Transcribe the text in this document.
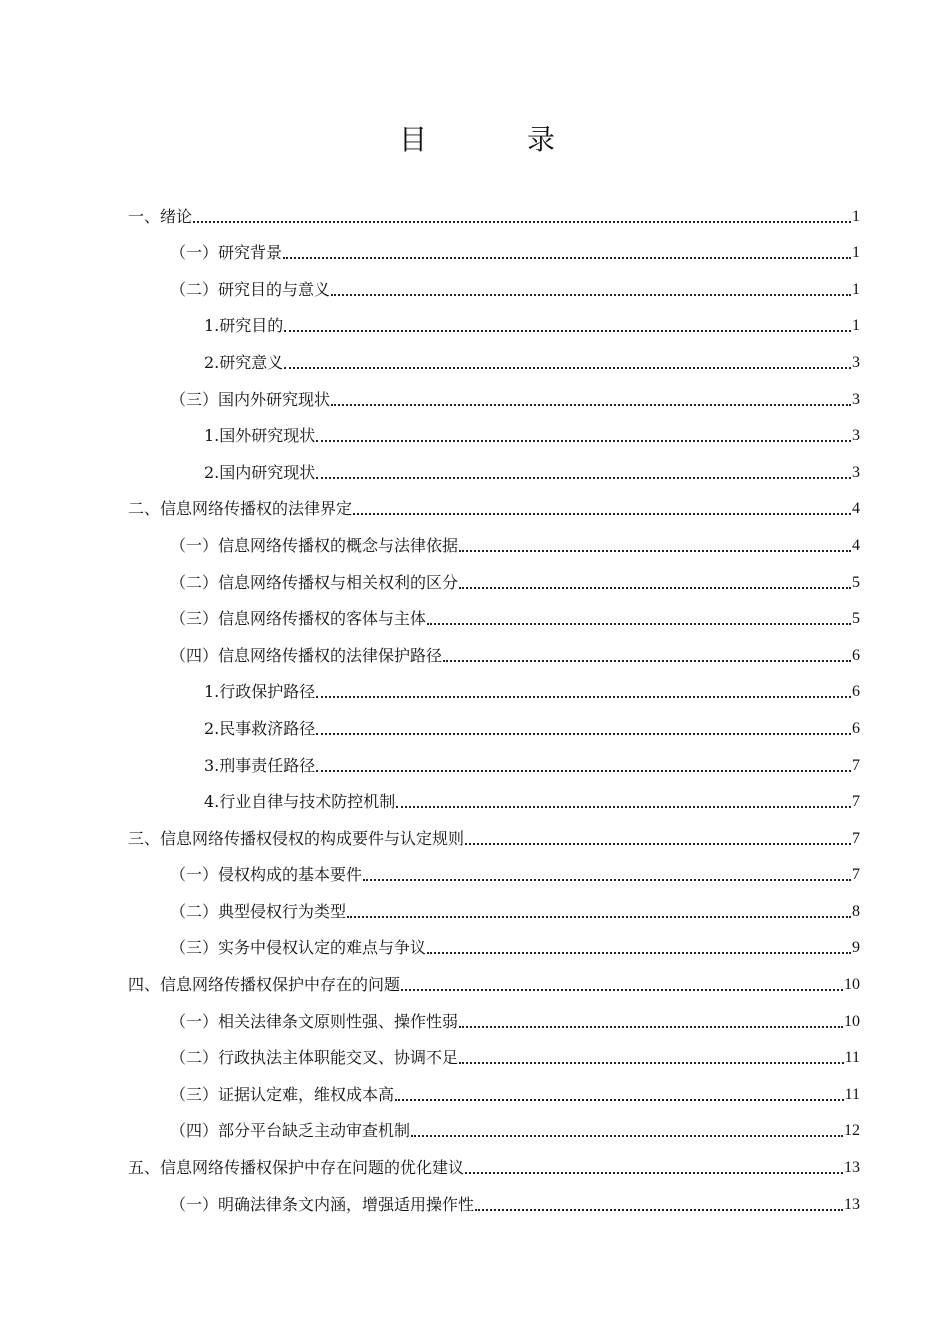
目　录
一、绪论	1
（一）研究背景	1
（二）研究目的与意义	1
1.研究目的	1
2.研究意义	3
（三）国内外研究现状	3
1.国外研究现状	3
2.国内研究现状	3
二、信息网络传播权的法律界定	4
（一）信息网络传播权的概念与法律依据	4
（二）信息网络传播权与相关权利的区分	5
（三）信息网络传播权的客体与主体	5
（四）信息网络传播权的法律保护路径	6
1.行政保护路径	6
2.民事救济路径	6
3.刑事责任路径	7
4.行业自律与技术防控机制	7
三、信息网络传播权侵权的构成要件与认定规则	7
（一）侵权构成的基本要件	7
（二）典型侵权行为类型	8
（三）实务中侵权认定的难点与争议	9
四、信息网络传播权保护中存在的问题	10
（一）相关法律条文原则性强、操作性弱	10
（二）行政执法主体职能交叉、协调不足	11
（三）证据认定难，维权成本高	11
（四）部分平台缺乏主动审查机制	12
五、信息网络传播权保护中存在问题的优化建议	13
（一）明确法律条文内涵，增强适用操作性	13
